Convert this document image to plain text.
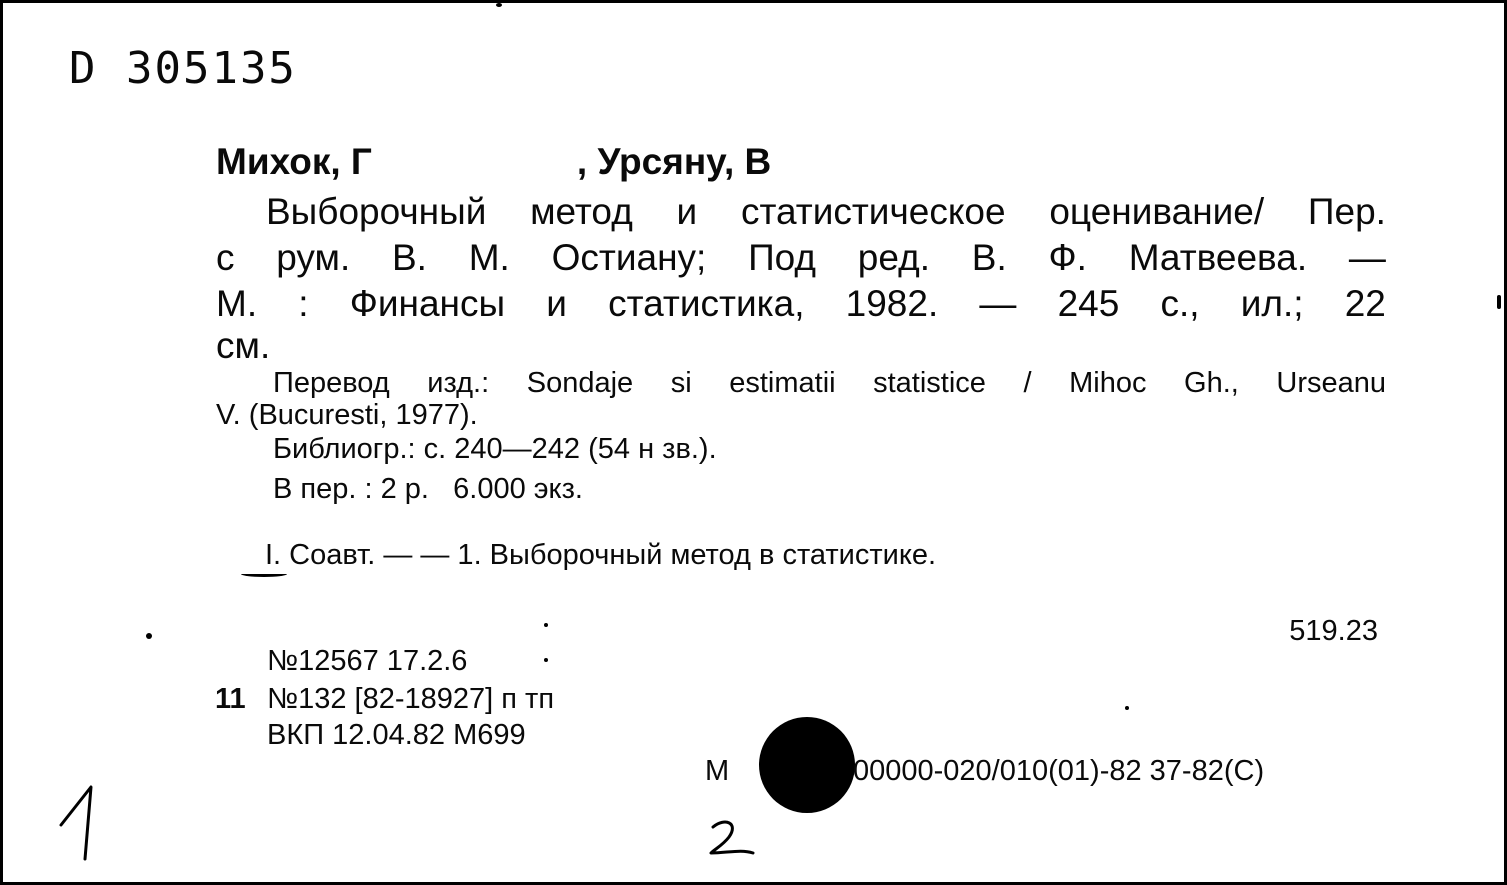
D 305135
Михок, Г	, Урсяну, В
Выборочный метод и статистическое оценивание/ Пер.
с рум. В. М. Остиану; Под ред. В. Ф. Матвеева. —
М. : Финансы и статистика, 1982. — 245 с., ил.; 22
см.
Перевод изд.: Sondaje si estimatii statistice / Mihoc Gh., Urseanu
V. (Bucuresti, 1977).
Библиогр.: с. 240—242 (54 н зв.).
В пер. : 2 р.   6.000 экз.
I. Соавт. — — 1. Выборочный метод в статистике.
519.23
№12567 17.2.6
11 №132 [82-18927] п тп
ВКП 12.04.82 М699
М	00000-020/010(01)-82 37-82(С)
